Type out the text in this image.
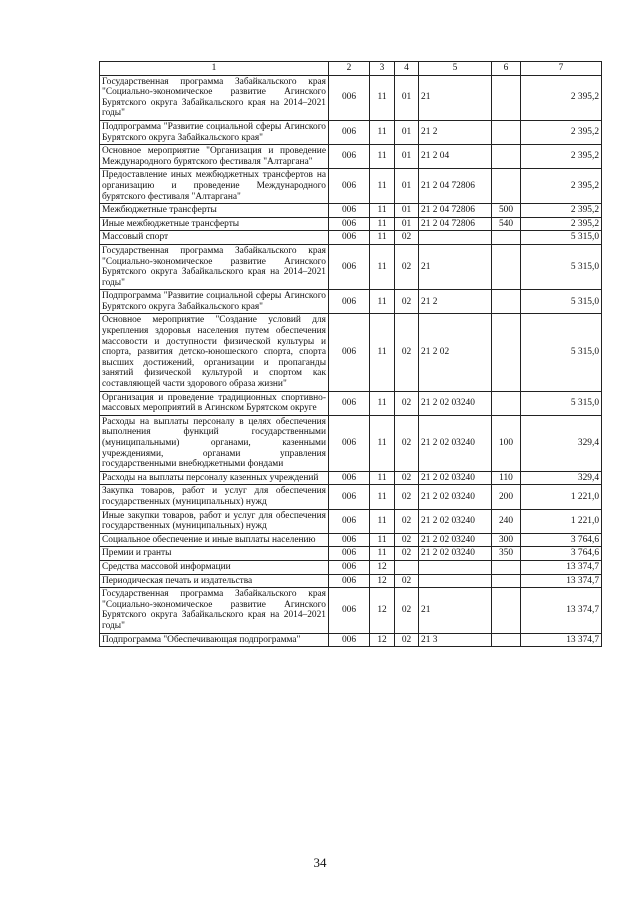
1	2	3	4	5	6	7
Государственная программа Забайкальского края "Социально-экономическое развитие Агинского Бурятского округа Забайкальского края на 2014–2021 годы"	006	11	01	21		2 395,2
Подпрограмма "Развитие социальной сферы Агинского Бурятского округа Забайкальского края"	006	11	01	21 2		2 395,2
Основное мероприятие "Организация и проведение Международного бурятского фестиваля "Алтаргана"	006	11	01	21 2 04		2 395,2
Предоставление иных межбюджетных трансфертов на организацию и проведение Международного бурятского фестиваля "Алтаргана"	006	11	01	21 2 04 72806		2 395,2
Межбюджетные трансферты	006	11	01	21 2 04 72806	500	2 395,2
Иные межбюджетные трансферты	006	11	01	21 2 04 72806	540	2 395,2
Массовый спорт	006	11	02			5 315,0
Государственная программа Забайкальского края "Социально-экономическое развитие Агинского Бурятского округа Забайкальского края на 2014–2021 годы"	006	11	02	21		5 315,0
Подпрограмма "Развитие социальной сферы Агинского Бурятского округа Забайкальского края"	006	11	02	21 2		5 315,0
Основное мероприятие "Создание условий для укрепления здоровья населения путем обеспечения массовости и доступности физической культуры и спорта, развития детско-юношеского спорта, спорта высших достижений, организации и пропаганды занятий физической культурой и спортом как составляющей части здорового образа жизни"	006	11	02	21 2 02		5 315,0
Организация и проведение традиционных спортивно-массовых мероприятий в Агинском Бурятском округе	006	11	02	21 2 02 03240		5 315,0
Расходы на выплаты персоналу в целях обеспечения выполнения функций государственными (муниципальными) органами, казенными учреждениями, органами управления государственными внебюджетными фондами	006	11	02	21 2 02 03240	100	329,4
Расходы на выплаты персоналу казенных учреждений	006	11	02	21 2 02 03240	110	329,4
Закупка товаров, работ и услуг для обеспечения государственных (муниципальных) нужд	006	11	02	21 2 02 03240	200	1 221,0
Иные закупки товаров, работ и услуг для обеспечения государственных (муниципальных) нужд	006	11	02	21 2 02 03240	240	1 221,0
Социальное обеспечение и иные выплаты населению	006	11	02	21 2 02 03240	300	3 764,6
Премии и гранты	006	11	02	21 2 02 03240	350	3 764,6
Средства массовой информации	006	12				13 374,7
Периодическая печать и издательства	006	12	02			13 374,7
Государственная программа Забайкальского края "Социально-экономическое развитие Агинского Бурятского округа Забайкальского края на 2014–2021 годы"	006	12	02	21		13 374,7
Подпрограмма "Обеспечивающая подпрограмма"	006	12	02	21 3		13 374,7
34
